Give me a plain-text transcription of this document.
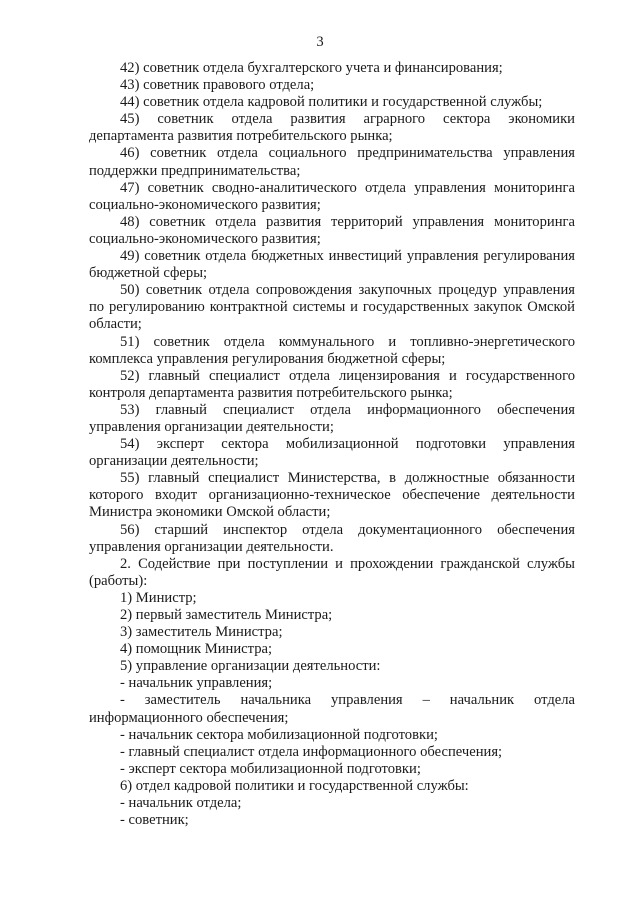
3

42) советник отдела бухгалтерского учета и финансирования;

43) советник правового отдела;

44) советник отдела кадровой политики и государственной службы;

45) советник отдела развития аграрного сектора экономики департамента развития потребительского рынка;

46) советник отдела социального предпринимательства управления поддержки предпринимательства;

47) советник сводно-аналитического отдела управления мониторинга социально-экономического развития;

48) советник отдела развития территорий управления мониторинга социально-экономического развития;

49) советник отдела бюджетных инвестиций управления регулирования бюджетной сферы;

50) советник отдела сопровождения закупочных процедур управления по регулированию контрактной системы и государственных закупок Омской области;

51) советник отдела коммунального и топливно-энергетического комплекса управления регулирования бюджетной сферы;

52) главный специалист отдела лицензирования и государственного контроля департамента развития потребительского рынка;

53) главный специалист отдела информационного обеспечения управления организации деятельности;

54) эксперт сектора мобилизационной подготовки управления организации деятельности;

55) главный специалист Министерства, в должностные обязанности которого входит организационно-техническое обеспечение деятельности Министра экономики Омской области;

56) старший инспектор отдела документационного обеспечения управления организации деятельности.

2. Содействие при поступлении и прохождении гражданской службы (работы):

1) Министр;

2) первый заместитель Министра;

3) заместитель Министра;

4) помощник Министра;

5) управление организации деятельности:

- начальник управления;

- заместитель начальника управления – начальник отдела информационного обеспечения;

- начальник сектора мобилизационной подготовки;

- главный специалист отдела информационного обеспечения;

- эксперт сектора мобилизационной подготовки;

6) отдел кадровой политики и государственной службы:

- начальник отдела;

- советник;
